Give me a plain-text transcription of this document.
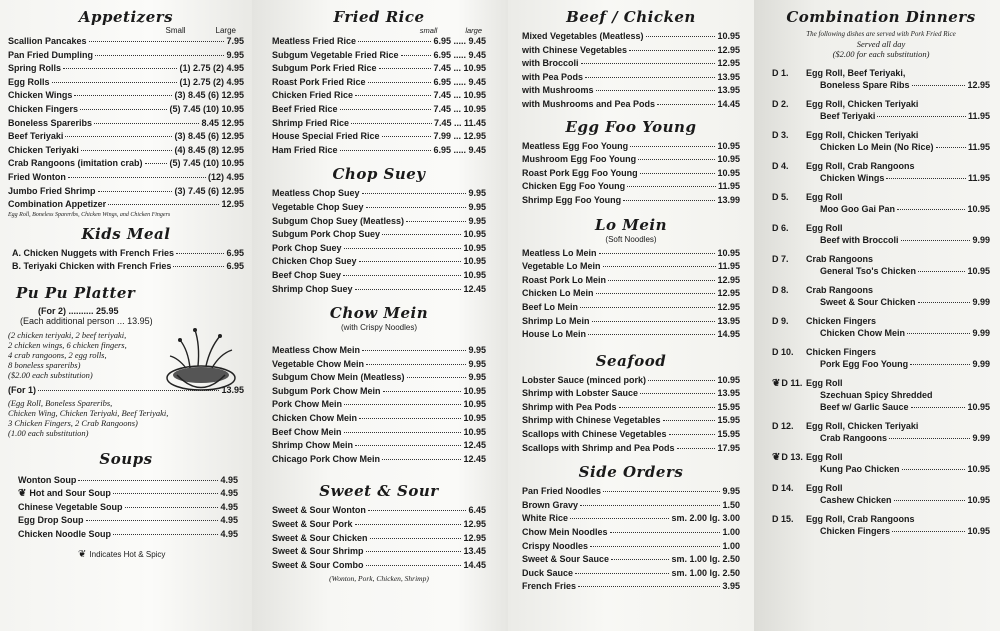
Appetizers
Small	Large
Scallion Pancakes	7.95
Pan Fried Dumpling	9.95
Spring Rolls	(1) 2.75 (2) 4.95
Egg Rolls	(1) 2.75 (2) 4.95
Chicken Wings	(3) 8.45 (6) 12.95
Chicken Fingers	(5) 7.45 (10) 10.95
Boneless Spareribs	8.45 12.95
Beef Teriyaki	(3) 8.45 (6) 12.95
Chicken Teriyaki	(4) 8.45 (8) 12.95
Crab Rangoons (imitation crab)	(5) 7.45 (10) 10.95
Fried Wonton	(12) 4.95
Jumbo Fried Shrimp	(3) 7.45 (6) 12.95
Combination Appetizer	12.95
Egg Roll, Boneless Spareribs, Chicken Wings, and Chicken Fingers
Kids Meal
A. Chicken Nuggets with French Fries	6.95
B. Teriyaki Chicken with French Fries	6.95
Pu Pu Platter
(For 2) .......... 25.95
(Each additional person ... 13.95)
(2 chicken teriyaki, 2 beef teriyaki,
2 chicken wings, 6 chicken fingers,
4 crab rangoons, 2 egg rolls,
8 boneless spareribs)
($2.00 each substitution)
(For 1)	13.95
(Egg Roll, Boneless Spareribs,
Chicken Wing, Chicken Teriyaki, Beef Teriyaki,
3 Chicken Fingers, 2 Crab Rangoons)
(1.00 each substitution)
Soups
Wonton Soup	4.95
❦ Hot and Sour Soup	4.95
Chinese Vegetable Soup	4.95
Egg Drop Soup	4.95
Chicken Noodle Soup	4.95
❦ Indicates Hot & Spicy
Fried Rice
small	large
Meatless Fried Rice	6.95 ..... 9.45
Subgum Vegetable Fried Rice	6.95 ..... 9.45
Subgum Pork Fried Rice	7.45 ... 10.95
Roast Pork Fried Rice	6.95 ..... 9.45
Chicken Fried Rice	7.45 ... 10.95
Beef Fried Rice	7.45 ... 10.95
Shrimp Fried Rice	7.45 ... 11.45
House Special Fried Rice	7.99 ... 12.95
Ham Fried Rice	6.95 ..... 9.45
Chop Suey
Meatless Chop Suey	9.95
Vegetable Chop Suey	9.95
Subgum Chop Suey (Meatless)	9.95
Subgum Pork Chop Suey	10.95
Pork Chop Suey	10.95
Chicken Chop Suey	10.95
Beef Chop Suey	10.95
Shrimp Chop Suey	12.45
Chow Mein
(with Crispy Noodles)
Meatless Chow Mein	9.95
Vegetable Chow Mein	9.95
Subgum Chow Mein (Meatless)	9.95
Subgum Pork Chow Mein	10.95
Pork Chow Mein	10.95
Chicken Chow Mein	10.95
Beef Chow Mein	10.95
Shrimp Chow Mein	12.45
Chicago Pork Chow Mein	12.45
Sweet & Sour
Sweet & Sour Wonton	6.45
Sweet & Sour Pork	12.95
Sweet & Sour Chicken	12.95
Sweet & Sour Shrimp	13.45
Sweet & Sour Combo	14.45
(Wonton, Pork, Chicken, Shrimp)
Beef / Chicken
Mixed Vegetables (Meatless)	10.95
with Chinese Vegetables	12.95
with Broccoli	12.95
with Pea Pods	13.95
with Mushrooms	13.95
with Mushrooms and Pea Pods	14.45
Egg Foo Young
Meatless Egg Foo Young	10.95
Mushroom Egg Foo Young	10.95
Roast Pork Egg Foo Young	10.95
Chicken Egg Foo Young	11.95
Shrimp Egg Foo Young	13.99
Lo Mein
(Soft Noodles)
Meatless Lo Mein	10.95
Vegetable Lo Mein	11.95
Roast Pork Lo Mein	12.95
Chicken Lo Mein	12.95
Beef Lo Mein	12.95
Shrimp Lo Mein	13.95
House Lo Mein	14.95
Seafood
Lobster Sauce (minced pork)	10.95
Shrimp with Lobster Sauce	13.95
Shrimp with Pea Pods	15.95
Shrimp with Chinese Vegetables	15.95
Scallops with Chinese Vegetables	15.95
Scallops with Shrimp and Pea Pods	17.95
Side Orders
Pan Fried Noodles	9.95
Brown Gravy	1.50
White Rice	sm. 2.00 lg. 3.00
Chow Mein Noodles	1.00
Crispy Noodles	1.00
Sweet & Sour Sauce	sm. 1.00 lg. 2.50
Duck Sauce	sm. 1.00 lg. 2.50
French Fries	3.95
Combination Dinners
The following dishes are served with Pork Fried Rice
Served all day
($2.00 for each substitution)
D 1.	Egg Roll, Beef Teriyaki,
Boneless Spare Ribs	12.95
D 2.	Egg Roll, Chicken Teriyaki
Beef Teriyaki	11.95
D 3.	Egg Roll, Chicken Teriyaki
Chicken Lo Mein (No Rice)	11.95
D 4.	Egg Roll, Crab Rangoons
Chicken Wings	11.95
D 5.	Egg Roll
Moo Goo Gai Pan	10.95
D 6.	Egg Roll
Beef with Broccoli	9.99
D 7.	Crab Rangoons
General Tso's Chicken	10.95
D 8.	Crab Rangoons
Sweet & Sour Chicken	9.99
D 9.	Chicken Fingers
Chicken Chow Mein	9.99
D 10.	Chicken Fingers
Pork Egg Foo Young	9.99
❦D 11. Egg Roll
Szechuan Spicy Shredded
Beef w/ Garlic Sauce	10.95
D 12.	Egg Roll, Chicken Teriyaki
Crab Rangoons	9.99
❦D 13. Egg Roll
Kung Pao Chicken	10.95
D 14.	Egg Roll
Cashew Chicken	10.95
D 15.	Egg Roll, Crab Rangoons
Chicken Fingers	10.95
